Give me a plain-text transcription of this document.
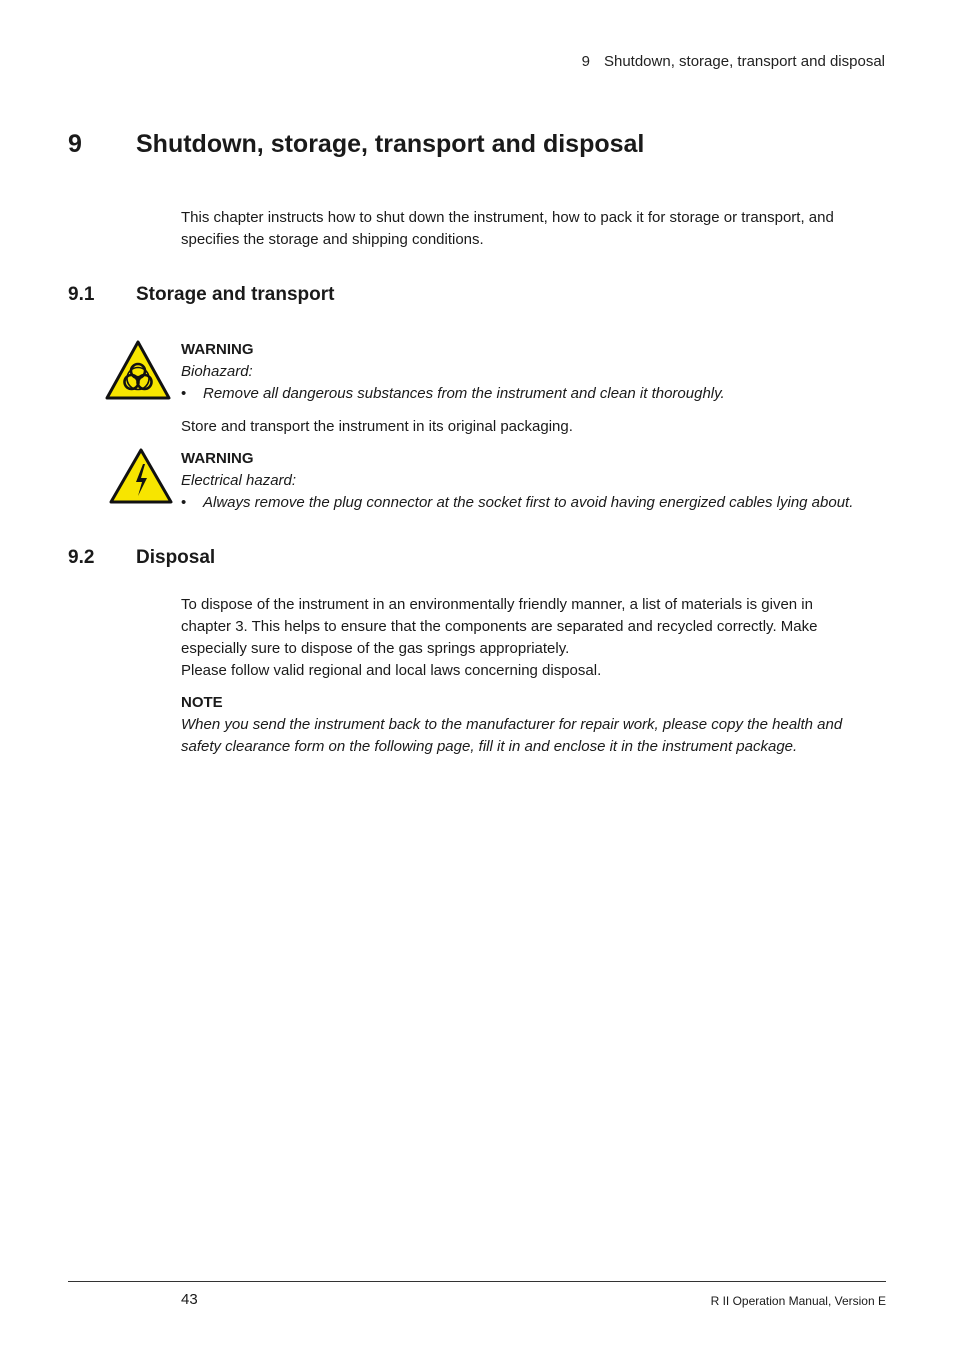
9 Shutdown, storage, transport and disposal
9 Shutdown, storage, transport and disposal
This chapter instructs how to shut down the instrument, how to pack it for storage or transport, and
specifies the storage and shipping conditions.
9.1 Storage and transport
WARNING
Biohazard:
• Remove all dangerous substances from the instrument and clean it thoroughly.
Store and transport the instrument in its original packaging.
WARNING
Electrical hazard:
• Always remove the plug connector at the socket first to avoid having energized cables lying about.
9.2 Disposal
To dispose of the instrument in an environmentally friendly manner, a list of materials is given in
chapter 3. This helps to ensure that the components are separated and recycled correctly. Make
especially sure to dispose of the gas springs appropriately.
Please follow valid regional and local laws concerning disposal.
NOTE
When you send the instrument back to the manufacturer for repair work, please copy the health and
safety clearance form on the following page, fill it in and enclose it in the instrument package.
43	R II Operation Manual, Version E
